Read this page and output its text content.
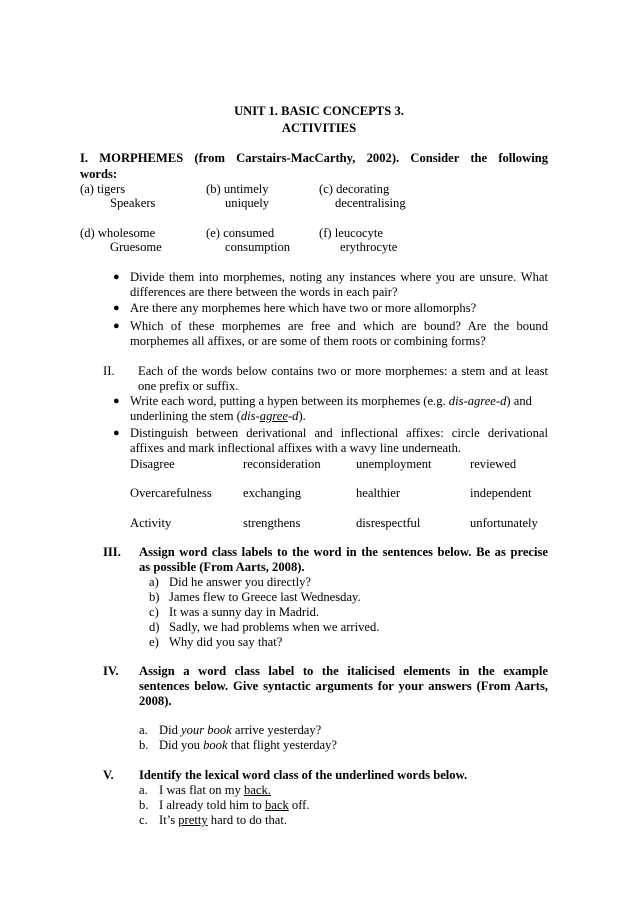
UNIT 1. BASIC CONCEPTS 3.
ACTIVITIES
I. MORPHEMES (from Carstairs-MacCarthy, 2002). Consider the following
words:
(a) tigers	(b) untimely	(c) decorating
Speakers	uniquely	decentralising
(d) wholesome	(e) consumed	(f) leucocyte
Gruesome	consumption	erythrocyte
● Divide them into morphemes, noting any instances where you are unsure. What
differences are there between the words in each pair?
● Are there any morphemes here which have two or more allomorphs?
● Which of these morphemes are free and which are bound? Are the bound
morphemes all affixes, or are some of them roots or combining forms?
II. Each of the words below contains two or more morphemes: a stem and at least
one prefix or suffix.
● Write each word, putting a hypen between its morphemes (e.g. dis-agree-d) and
underlining the stem (dis-agree-d).
● Distinguish between derivational and inflectional affixes: circle derivational
affixes and mark inflectional affixes with a wavy line underneath.
Disagree	reconsideration	unemployment	reviewed
Overcarefulness exchanging	healthier	independent
Activity	strengthens	disrespectful	unfortunately
III. Assign word class labels to the word in the sentences below. Be as precise
as possible (From Aarts, 2008).
a) Did he answer you directly?
b) James flew to Greece last Wednesday.
c) It was a sunny day in Madrid.
d) Sadly, we had problems when we arrived.
e) Why did you say that?
IV. Assign a word class label to the italicised elements in the example
sentences below. Give syntactic arguments for your answers (From Aarts,
2008).
a. Did your book arrive yesterday?
b. Did you book that flight yesterday?
V. Identify the lexical word class of the underlined words below.
a. I was flat on my back.
b. I already told him to back off.
c. It’s pretty hard to do that.
